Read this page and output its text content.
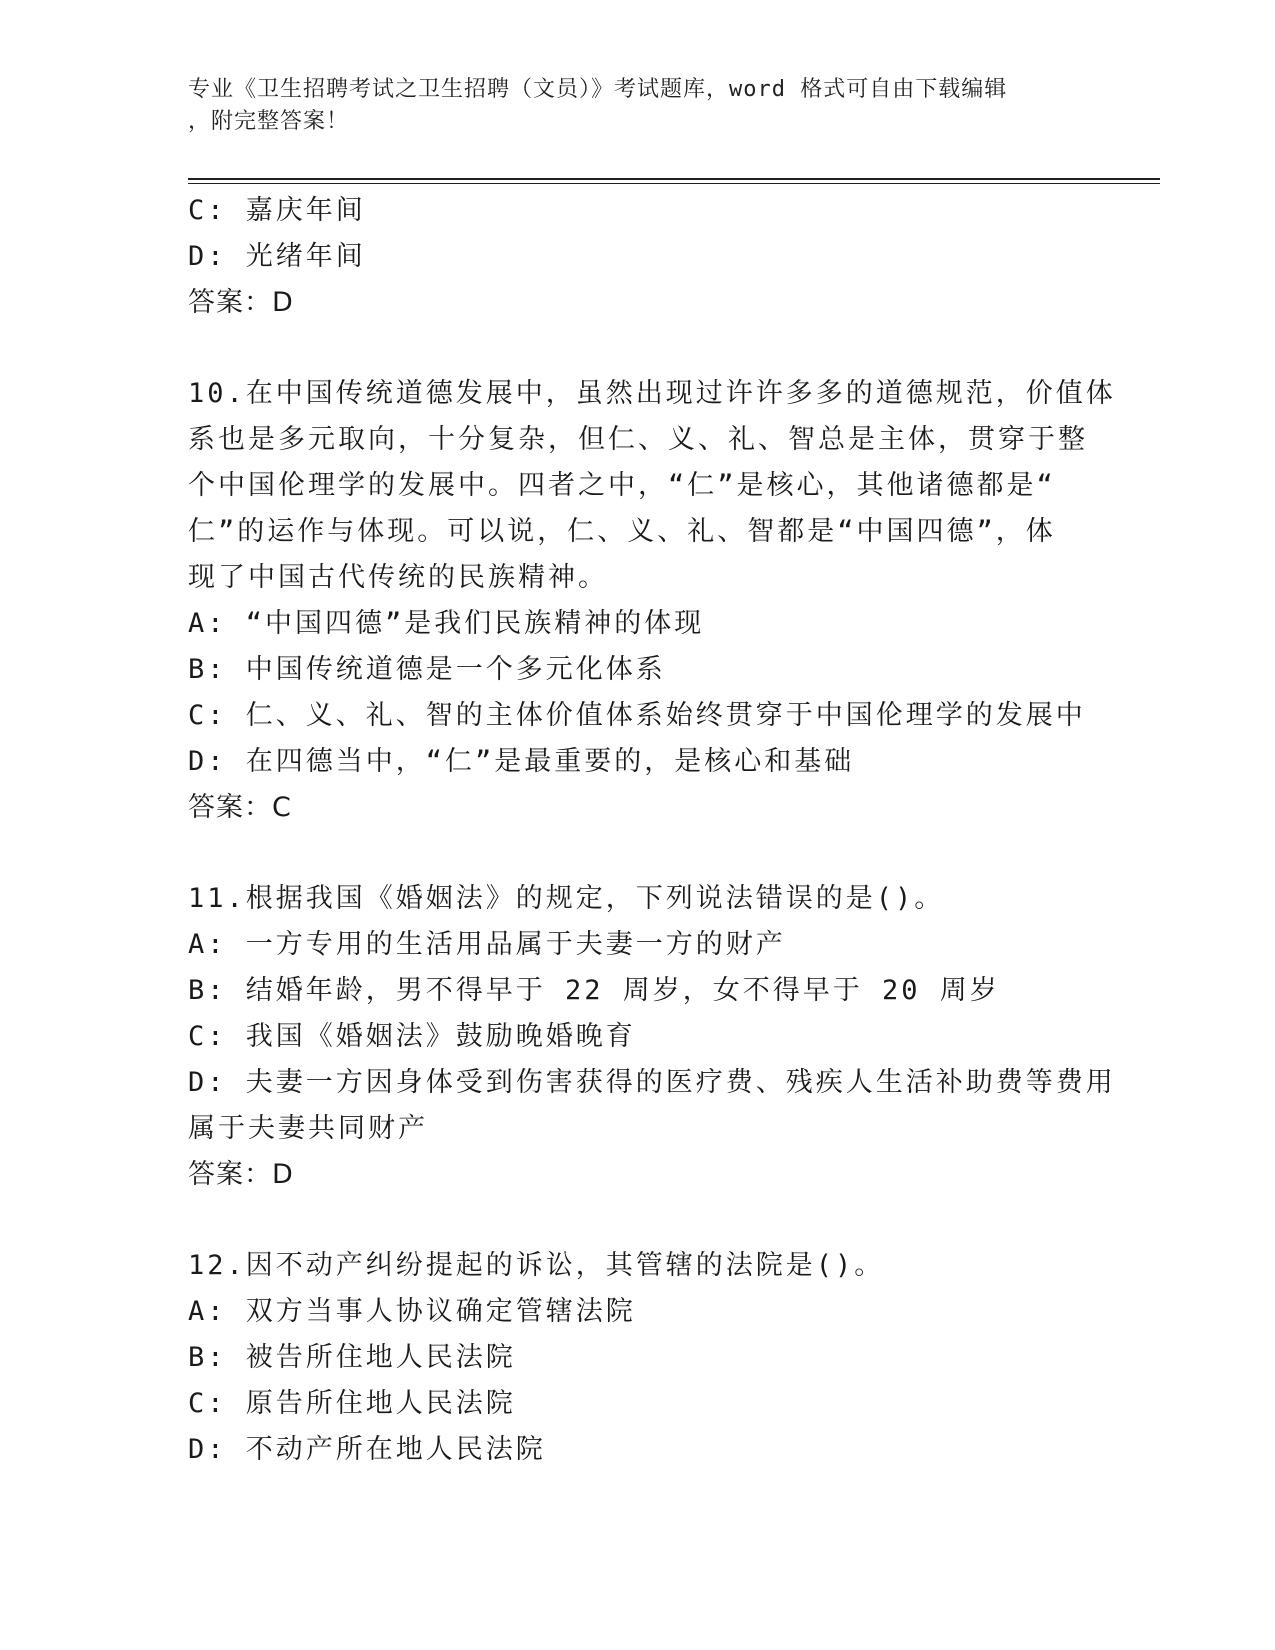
专业《卫生招聘考试之卫生招聘（文员）》考试题库，word 格式可自由下载编辑
，附完整答案！
C: 嘉庆年间
D: 光绪年间
答案：D
10.在中国传统道德发展中，虽然出现过许许多多的道德规范，价值体
系也是多元取向，十分复杂，但仁、义、礼、智总是主体，贯穿于整
个中国伦理学的发展中。四者之中，“仁”是核心，其他诸德都是“
仁”的运作与体现。可以说，仁、义、礼、智都是“中国四德”，体
现了中国古代传统的民族精神。
A: “中国四德”是我们民族精神的体现
B: 中国传统道德是一个多元化体系
C: 仁、义、礼、智的主体价值体系始终贯穿于中国伦理学的发展中
D: 在四德当中，“仁”是最重要的，是核心和基础
答案：C
11.根据我国《婚姻法》的规定，下列说法错误的是()。
A: 一方专用的生活用品属于夫妻一方的财产
B: 结婚年龄，男不得早于 22 周岁，女不得早于 20 周岁
C: 我国《婚姻法》鼓励晚婚晚育
D: 夫妻一方因身体受到伤害获得的医疗费、残疾人生活补助费等费用
属于夫妻共同财产
答案：D
12.因不动产纠纷提起的诉讼，其管辖的法院是()。
A: 双方当事人协议确定管辖法院
B: 被告所住地人民法院
C: 原告所住地人民法院
D: 不动产所在地人民法院
